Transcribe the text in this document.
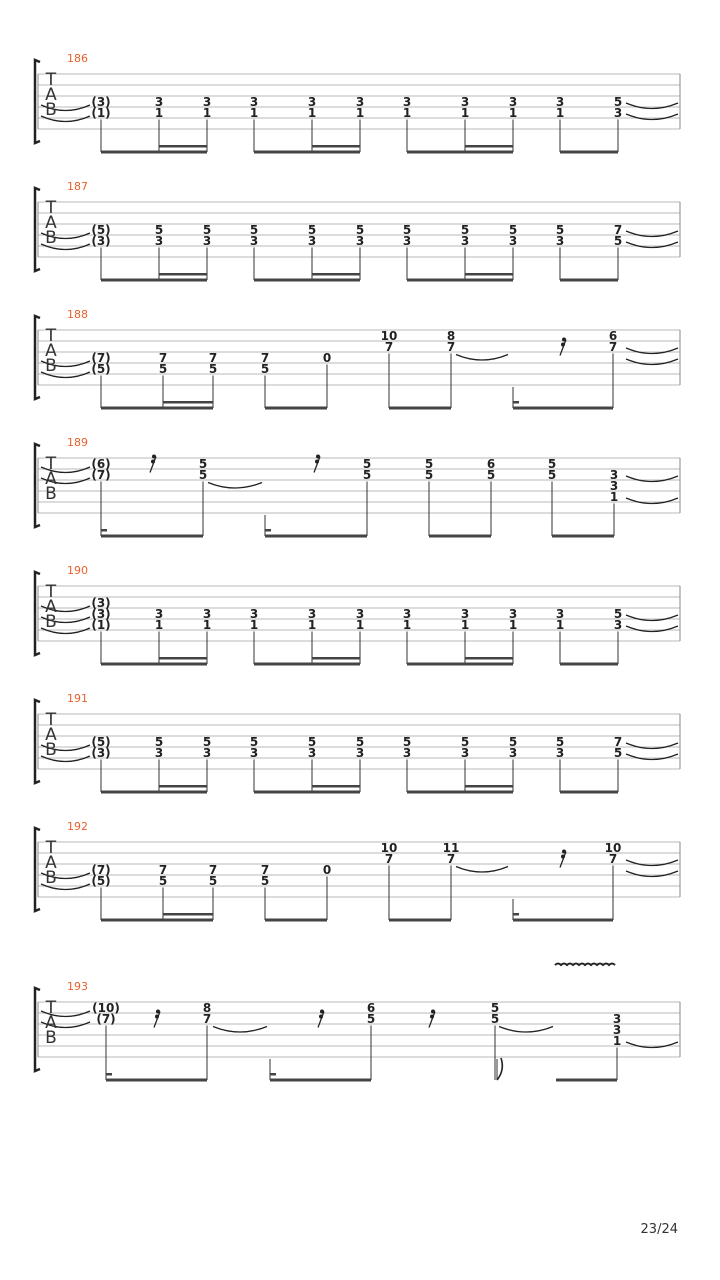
186
T
A
B	(3)
(1)
3
1
3
1
3
1
3
1
3
1
3
1
3
1
3
1
3
1
5
3
187
T
A
B	(5)
(3)
5
3
5
3
5
3
5
3
5
3
5
3
5
3
5
3
5
3
7
5
188
T
A
B	(7)
(5)
7
5
7
5
7
5
0
10
7
8
7
6
7
189
T
A
B
(6)
(7)
5
5
5
5
5
5
6
5
5
5	3
3
1
190
T
A
B
(3)
(3)
(1)
3
1
3
1
3
1
3
1
3
1
3
1
3
1
3
1
3
1
5
3
191
T
A
B	(5)
(3)
5
3
5
3
5
3
5
3
5
3
5
3
5
3
5
3
5
3
7
5
192
T
A
B	(7)
(5)
7
5
7
5
7
5
0
10
7
11
7
10
7
193
T
A
B
(10)
(7)
8
7
6
5
5
5	3
3
1
23/24
